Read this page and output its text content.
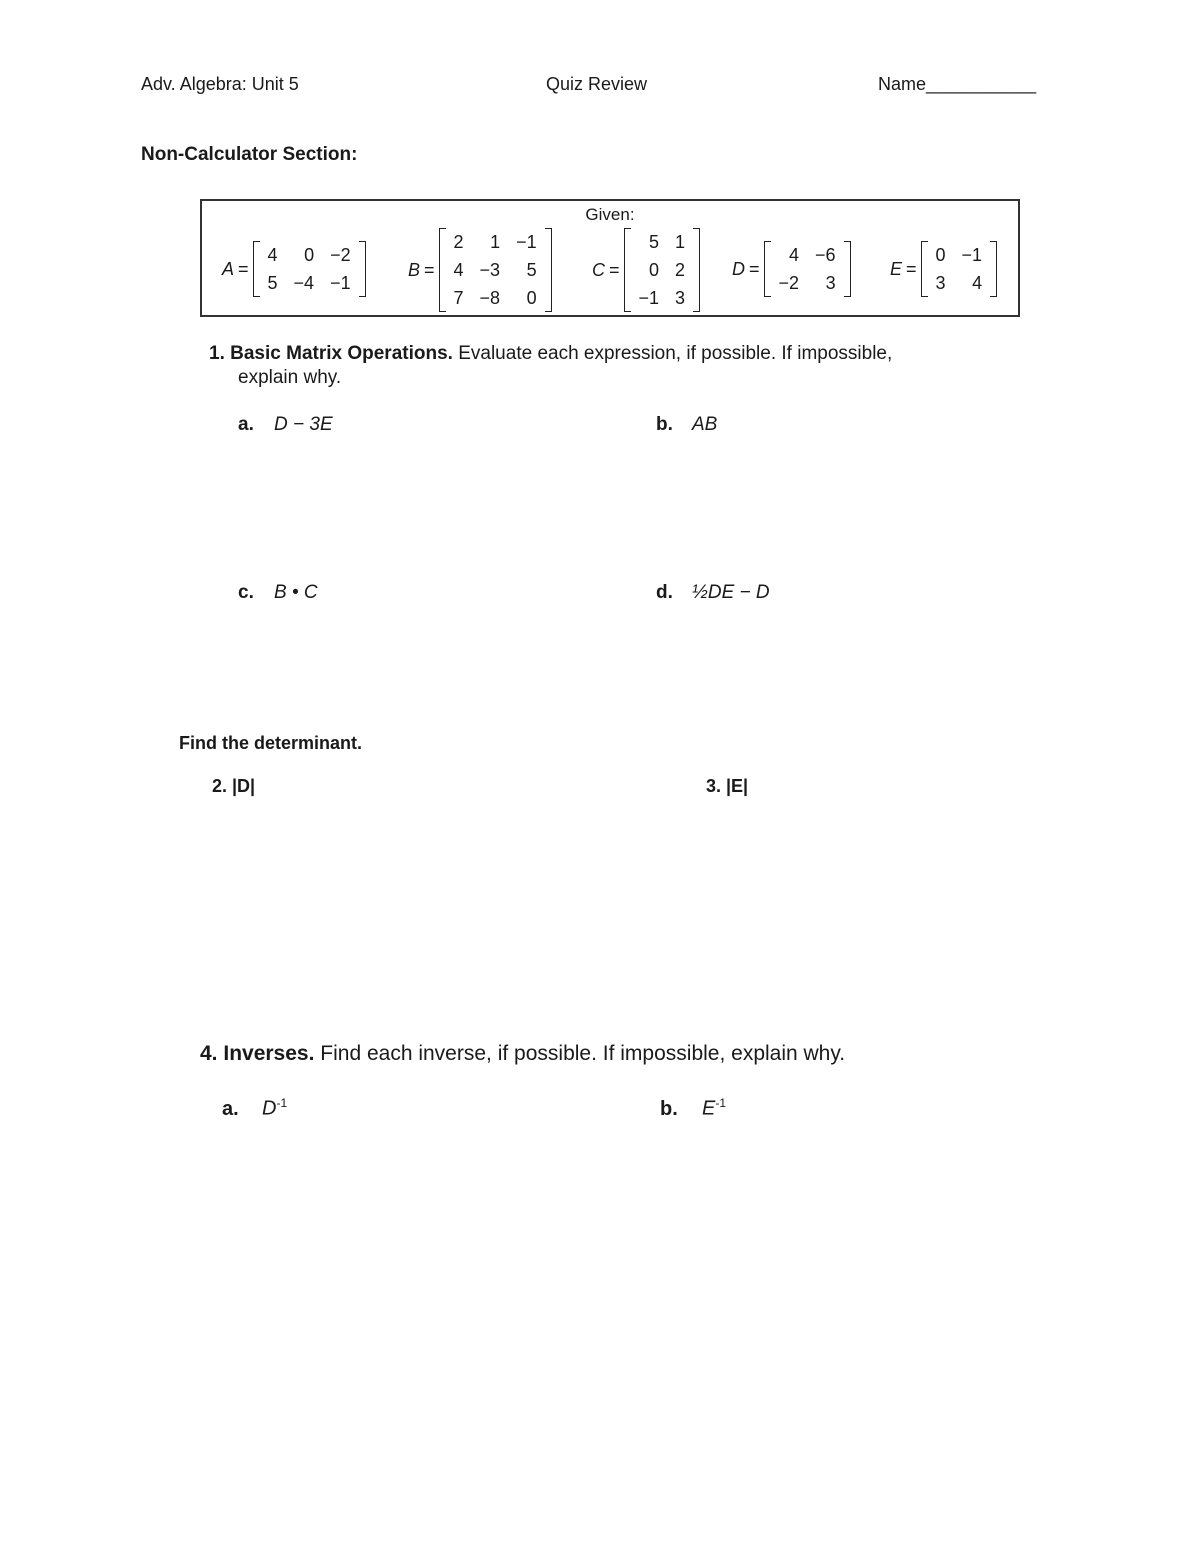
Adv. Algebra: Unit 5	Quiz Review	Name___________
Non-Calculator Section:
Given:
A =
4	0	−2
5	−4	−1
B =
2	1	−1
4	−3	5
7	−8	0
C =
5	1
0	2
−1	3
D =
4	−6
−2	3
E =
0	−1
3	4
1. Basic Matrix Operations. Evaluate each expression, if possible. If impossible,
explain why.
a. D − 3E	b. AB
c. B • C	d. ½DE − D
Find the determinant.
2. |D|	3. |E|
4. Inverses. Find each inverse, if possible. If impossible, explain why.
a. $D^{-1}$	b. $E^{-1}$
